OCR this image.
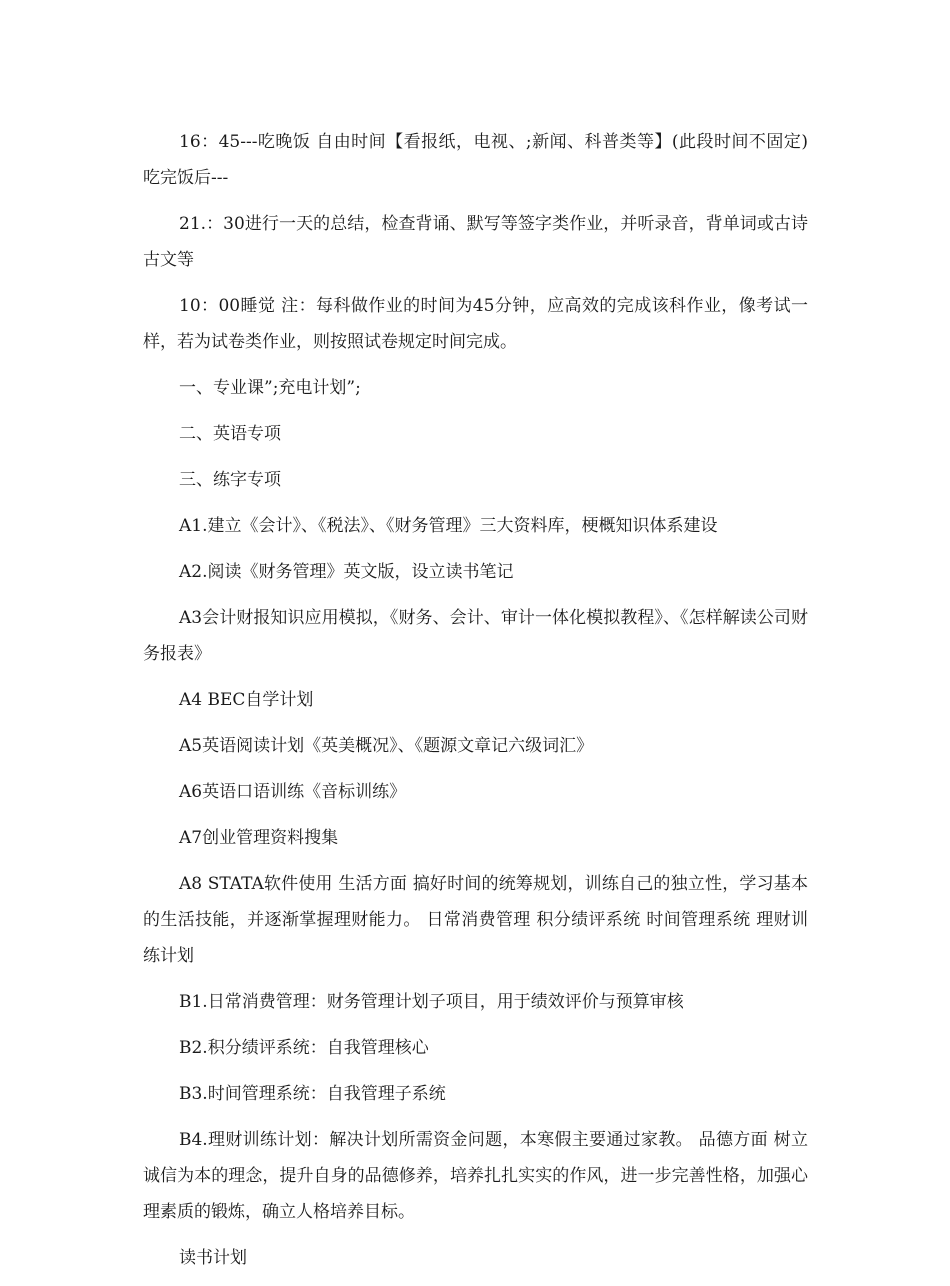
16：45---吃晚饭 自由时间【看报纸，电视、;新闻、科普类等】(此段时间不固定) 吃完饭后---

21.：30进行一天的总结，检查背诵、默写等签字类作业，并听录音，背单词或古诗古文等

10：00睡觉 注：每科做作业的时间为45分钟，应高效的完成该科作业，像考试一样，若为试卷类作业，则按照试卷规定时间完成。

一、专业课”;充电计划”;

二、英语专项

三、练字专项

A1.建立《会计》、《税法》、《财务管理》三大资料库，梗概知识体系建设

A2.阅读《财务管理》英文版，设立读书笔记

A3会计财报知识应用模拟，《财务、会计、审计一体化模拟教程》、《怎样解读公司财务报表》

A4 BEC自学计划

A5英语阅读计划《英美概况》、《题源文章记六级词汇》

A6英语口语训练《音标训练》

A7创业管理资料搜集

A8 STATA软件使用 生活方面 搞好时间的统筹规划，训练自己的独立性，学习基本的生活技能，并逐渐掌握理财能力。 日常消费管理 积分绩评系统 时间管理系统 理财训练计划

B1.日常消费管理：财务管理计划子项目，用于绩效评价与预算审核

B2.积分绩评系统：自我管理核心

B3.时间管理系统：自我管理子系统

B4.理财训练计划：解决计划所需资金问题，本寒假主要通过家教。 品德方面 树立诚信为本的理念，提升自身的品德修养，培养扎扎实实的作风，进一步完善性格，加强心理素质的锻炼，确立人格培养目标。

读书计划
